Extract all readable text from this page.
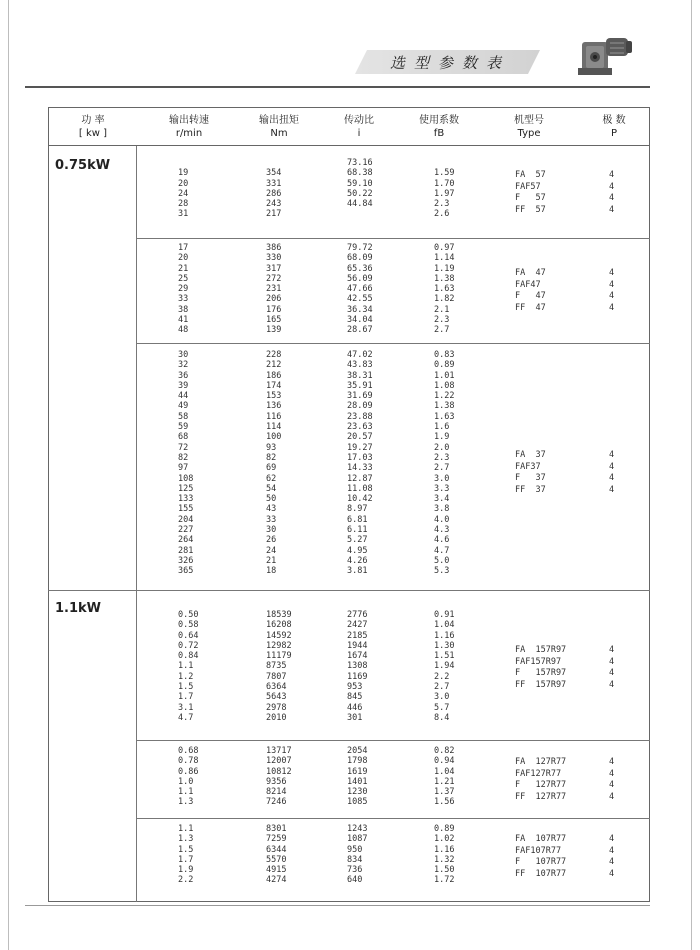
选型参数表
功 率
[ kw ]
输出转速
r/min
输出扭矩
Nm
传动比
i
使用系数
fB
机型号
Type
极 数
P
0.75kW
1.1kW
19
20
24
28
31
354
331
286
243
217
73.16
68.38
59.10
50.22
44.84
1.59
1.70
1.97
2.3
2.6
FA  57
FAF57
F   57
FF  57
4
4
4
4
17
20
21
25
29
33
38
41
48
386
330
317
272
231
206
176
165
139
79.72
68.09
65.36
56.09
47.66
42.55
36.34
34.04
28.67
0.97
1.14
1.19
1.38
1.63
1.82
2.1
2.3
2.7
FA  47
FAF47
F   47
FF  47
4
4
4
4
30
32
36
39
44
49
58
59
68
72
82
97
108
125
133
155
204
227
264
281
326
365
228
212
186
174
153
136
116
114
100
93
82
69
62
54
50
43
33
30
26
24
21
18
47.02
43.83
38.31
35.91
31.69
28.09
23.88
23.63
20.57
19.27
17.03
14.33
12.87
11.08
10.42
8.97
6.81
6.11
5.27
4.95
4.26
3.81
0.83
0.89
1.01
1.08
1.22
1.38
1.63
1.6
1.9
2.0
2.3
2.7
3.0
3.3
3.4
3.8
4.0
4.3
4.6
4.7
5.0
5.3
FA  37
FAF37
F   37
FF  37
4
4
4
4
0.50
0.58
0.64
0.72
0.84
1.1
1.2
1.5
1.7
3.1
4.7
18539
16208
14592
12982
11179
8735
7807
6364
5643
2978
2010
2776
2427
2185
1944
1674
1308
1169
953
845
446
301
0.91
1.04
1.16
1.30
1.51
1.94
2.2
2.7
3.0
5.7
8.4
FA  157R97
FAF157R97
F   157R97
FF  157R97
4
4
4
4
0.68
0.78
0.86
1.0
1.1
1.3
13717
12007
10812
9356
8214
7246
2054
1798
1619
1401
1230
1085
0.82
0.94
1.04
1.21
1.37
1.56
FA  127R77
FAF127R77
F   127R77
FF  127R77
4
4
4
4
1.1
1.3
1.5
1.7
1.9
2.2
8301
7259
6344
5570
4915
4274
1243
1087
950
834
736
640
0.89
1.02
1.16
1.32
1.50
1.72
FA  107R77
FAF107R77
F   107R77
FF  107R77
4
4
4
4
